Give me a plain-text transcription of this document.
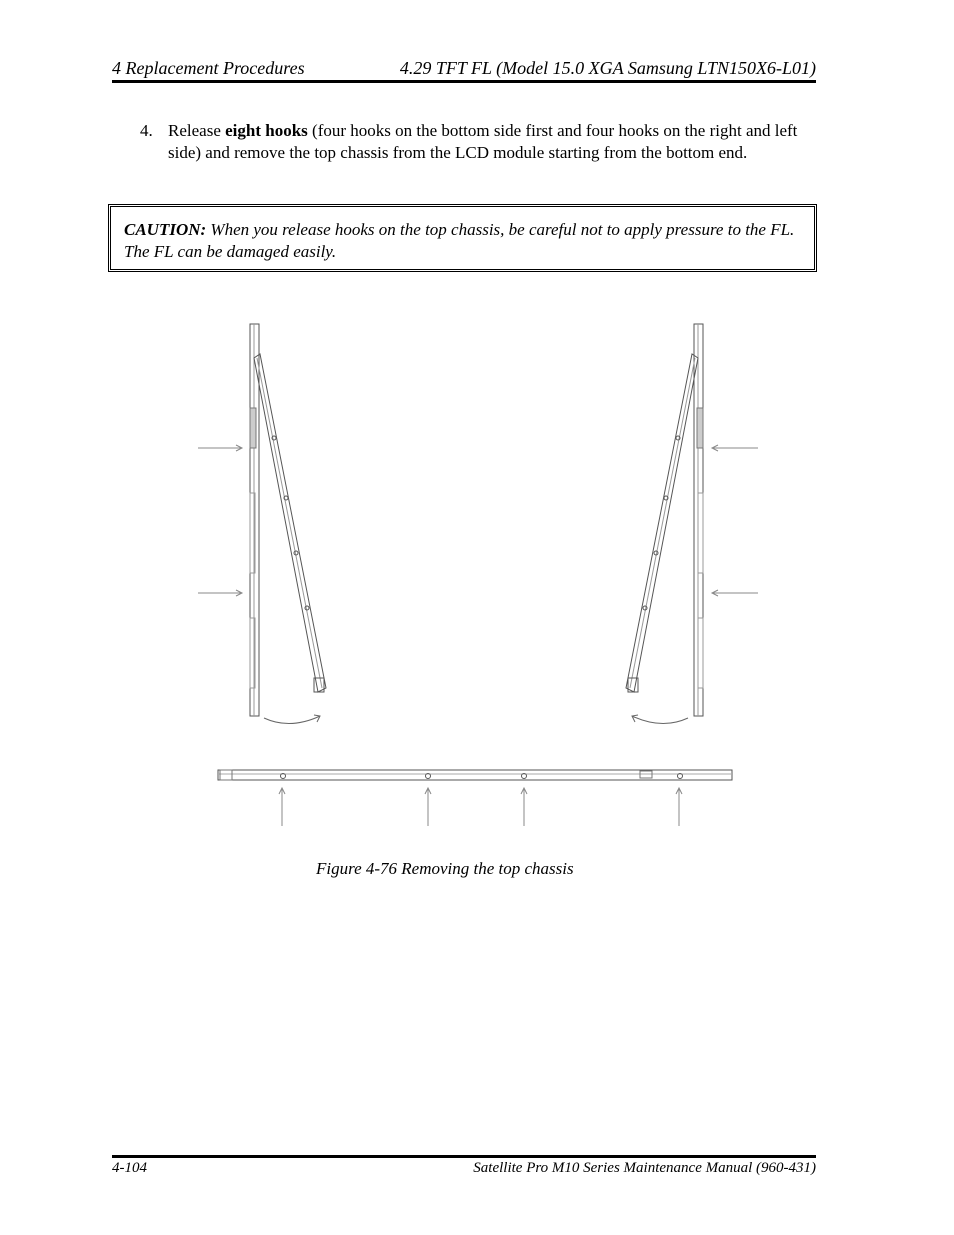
4 Replacement Procedures	4.29 TFT FL (Model 15.0 XGA Samsung LTN150X6-L01)
4. Release eight hooks (four hooks on the bottom side first and four hooks on the right and left side) and remove the top chassis from the LCD module starting from the bottom end.
CAUTION: When you release hooks on the top chassis, be careful not to apply pressure to the FL. The FL can be damaged easily.
Figure 4-76 Removing the top chassis
4-104	Satellite Pro M10 Series Maintenance Manual (960-431)
